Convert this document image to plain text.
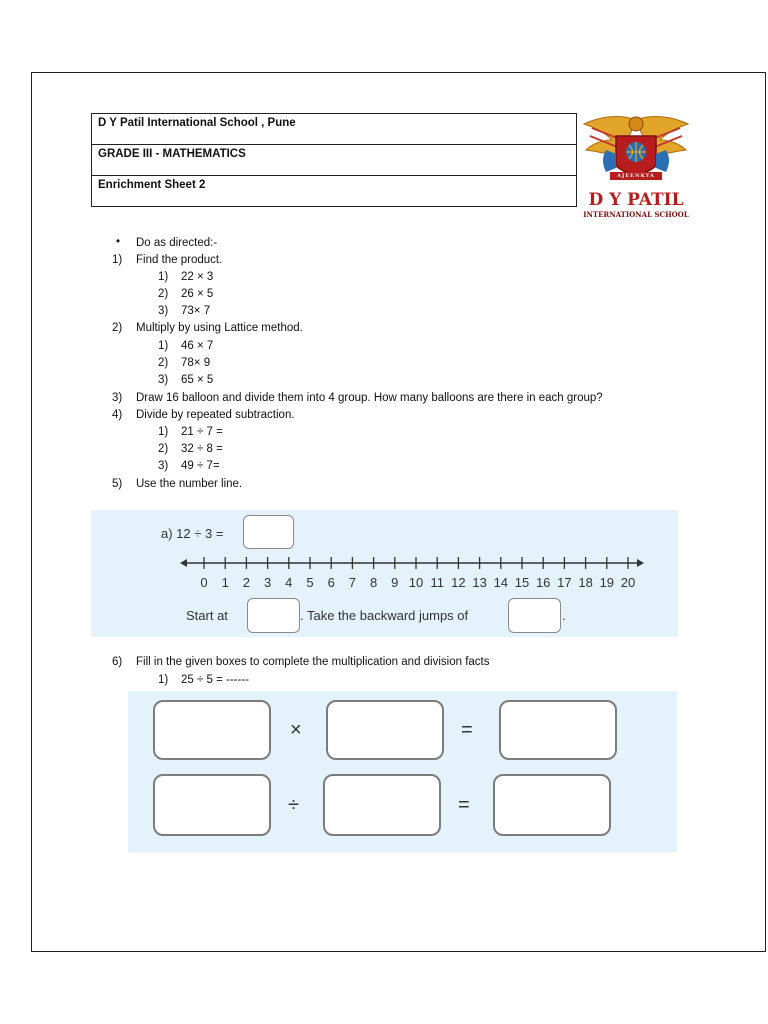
D Y Patil International School , Pune
GRADE III - MATHEMATICS
Enrichment Sheet 2
AJEENKYA
D Y PATIL
INTERNATIONAL SCHOOL
• Do as directed:-
1) Find the product.
1) 22 × 3
2) 26 × 5
3) 73× 7
2) Multiply by using Lattice method.
1) 46 × 7
2) 78× 9
3) 65 × 5
3) Draw 16 balloon and divide them into 4 group. How many balloons are there in each group?
4) Divide by repeated subtraction.
1) 21 ÷ 7 =
2) 32 ÷ 8 =
3) 49 ÷ 7=
5) Use the number line.
a) 12 ÷ 3 =
0 1 2 3 4 5 6 7 8 9 10 11 12 13 14 15 16 17 18 19 20
Start at	. Take the backward jumps of	.
6) Fill in the given boxes to complete the multiplication and division facts
1) 25 ÷ 5 = ------
×	=
÷	=
